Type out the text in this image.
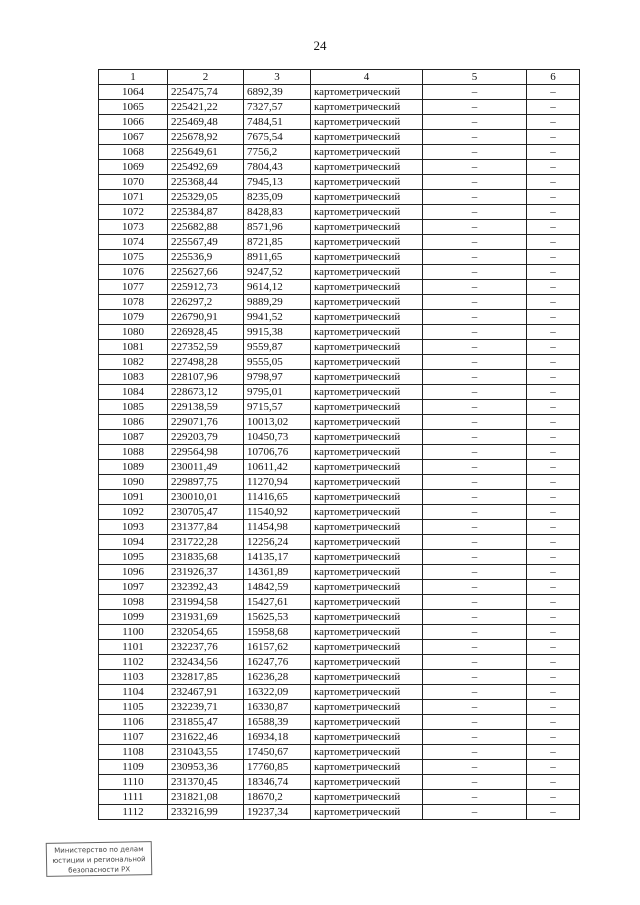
24
1	2	3	4	5	6
1064	225475,74	6892,39	картометрический	–	–
1065	225421,22	7327,57	картометрический	–	–
1066	225469,48	7484,51	картометрический	–	–
1067	225678,92	7675,54	картометрический	–	–
1068	225649,61	7756,2	картометрический	–	–
1069	225492,69	7804,43	картометрический	–	–
1070	225368,44	7945,13	картометрический	–	–
1071	225329,05	8235,09	картометрический	–	–
1072	225384,87	8428,83	картометрический	–	–
1073	225682,88	8571,96	картометрический	–	–
1074	225567,49	8721,85	картометрический	–	–
1075	225536,9	8911,65	картометрический	–	–
1076	225627,66	9247,52	картометрический	–	–
1077	225912,73	9614,12	картометрический	–	–
1078	226297,2	9889,29	картометрический	–	–
1079	226790,91	9941,52	картометрический	–	–
1080	226928,45	9915,38	картометрический	–	–
1081	227352,59	9559,87	картометрический	–	–
1082	227498,28	9555,05	картометрический	–	–
1083	228107,96	9798,97	картометрический	–	–
1084	228673,12	9795,01	картометрический	–	–
1085	229138,59	9715,57	картометрический	–	–
1086	229071,76	10013,02	картометрический	–	–
1087	229203,79	10450,73	картометрический	–	–
1088	229564,98	10706,76	картометрический	–	–
1089	230011,49	10611,42	картометрический	–	–
1090	229897,75	11270,94	картометрический	–	–
1091	230010,01	11416,65	картометрический	–	–
1092	230705,47	11540,92	картометрический	–	–
1093	231377,84	11454,98	картометрический	–	–
1094	231722,28	12256,24	картометрический	–	–
1095	231835,68	14135,17	картометрический	–	–
1096	231926,37	14361,89	картометрический	–	–
1097	232392,43	14842,59	картометрический	–	–
1098	231994,58	15427,61	картометрический	–	–
1099	231931,69	15625,53	картометрический	–	–
1100	232054,65	15958,68	картометрический	–	–
1101	232237,76	16157,62	картометрический	–	–
1102	232434,56	16247,76	картометрический	–	–
1103	232817,85	16236,28	картометрический	–	–
1104	232467,91	16322,09	картометрический	–	–
1105	232239,71	16330,87	картометрический	–	–
1106	231855,47	16588,39	картометрический	–	–
1107	231622,46	16934,18	картометрический	–	–
1108	231043,55	17450,67	картометрический	–	–
1109	230953,36	17760,85	картометрический	–	–
1110	231370,45	18346,74	картометрический	–	–
1111	231821,08	18670,2	картометрический	–	–
1112	233216,99	19237,34	картометрический	–	–
Министерство по делам
юстиции и региональной
безопасности РХ
